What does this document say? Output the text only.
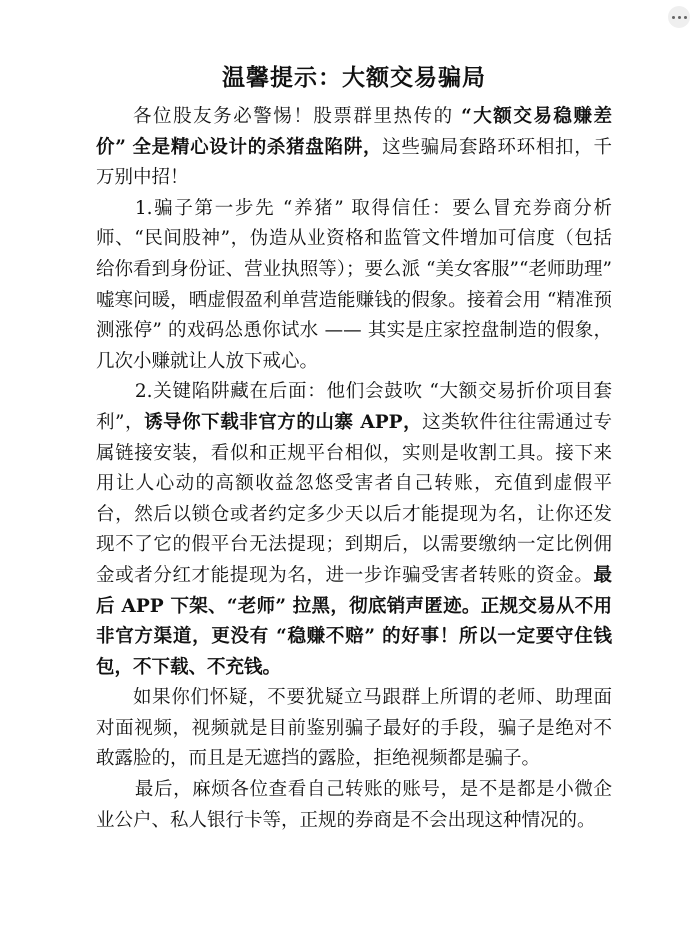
温馨提示：大额交易骗局

各位股友务必警惕！股票群里热传的 “大额交易稳赚差价” 全是精心设计的杀猪盘陷阱，这些骗局套路环环相扣，千万别中招！

1.骗子第一步先 “养猪” 取得信任：要么冒充券商分析师、“民间股神”，伪造从业资格和监管文件增加可信度（包括给你看到身份证、营业执照等）；要么派 “美女客服”“老师助理” 嘘寒问暖，晒虚假盈利单营造能赚钱的假象。接着会用 “精准预测涨停” 的戏码怂恿你试水 —— 其实是庄家控盘制造的假象，几次小赚就让人放下戒心。

2.关键陷阱藏在后面：他们会鼓吹 “大额交易折价项目套利”，诱导你下载非官方的山寨 APP，这类软件往往需通过专属链接安装，看似和正规平台相似，实则是收割工具。接下来用让人心动的高额收益忽悠受害者自己转账，充值到虚假平台，然后以锁仓或者约定多少天以后才能提现为名，让你还发现不了它的假平台无法提现；到期后，以需要缴纳一定比例佣金或者分红才能提现为名，进一步诈骗受害者转账的资金。最后 APP 下架、“老师” 拉黑，彻底销声匿迹。正规交易从不用非官方渠道，更没有 “稳赚不赔” 的好事！所以一定要守住钱包，不下载、不充钱。

如果你们怀疑，不要犹疑立马跟群上所谓的老师、助理面对面视频，视频就是目前鉴别骗子最好的手段，骗子是绝对不敢露脸的，而且是无遮挡的露脸，拒绝视频都是骗子。

最后，麻烦各位查看自己转账的账号，是不是都是小微企业公户、私人银行卡等，正规的券商是不会出现这种情况的。
